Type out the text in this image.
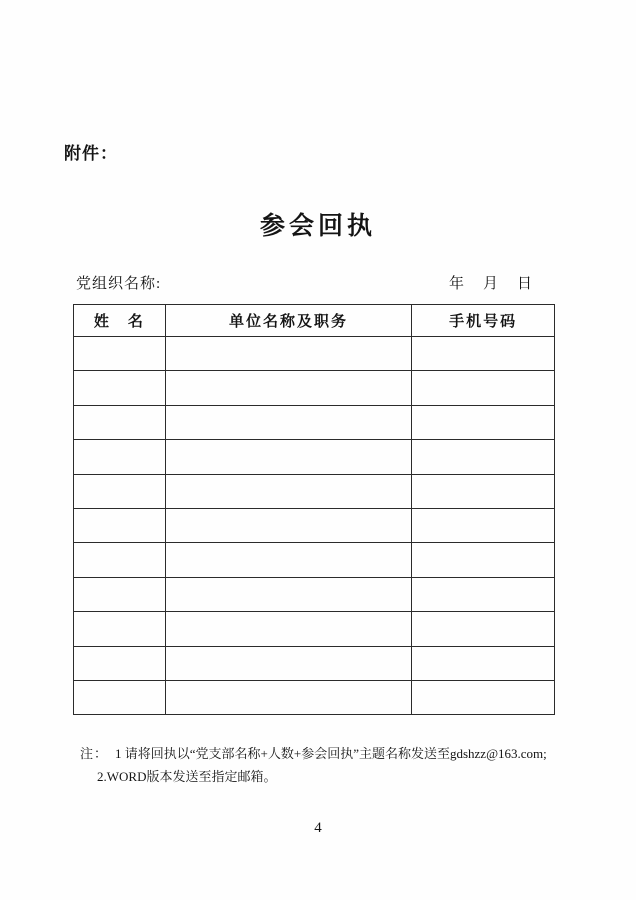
附件：
参会回执
党组织名称:	年　月　日
姓　名	单位名称及职务	手机号码

注： 1 请将回执以“党支部名称+人数+参会回执”主题名称发送至gdshzz@163.com;
2.WORD版本发送至指定邮箱。
4
